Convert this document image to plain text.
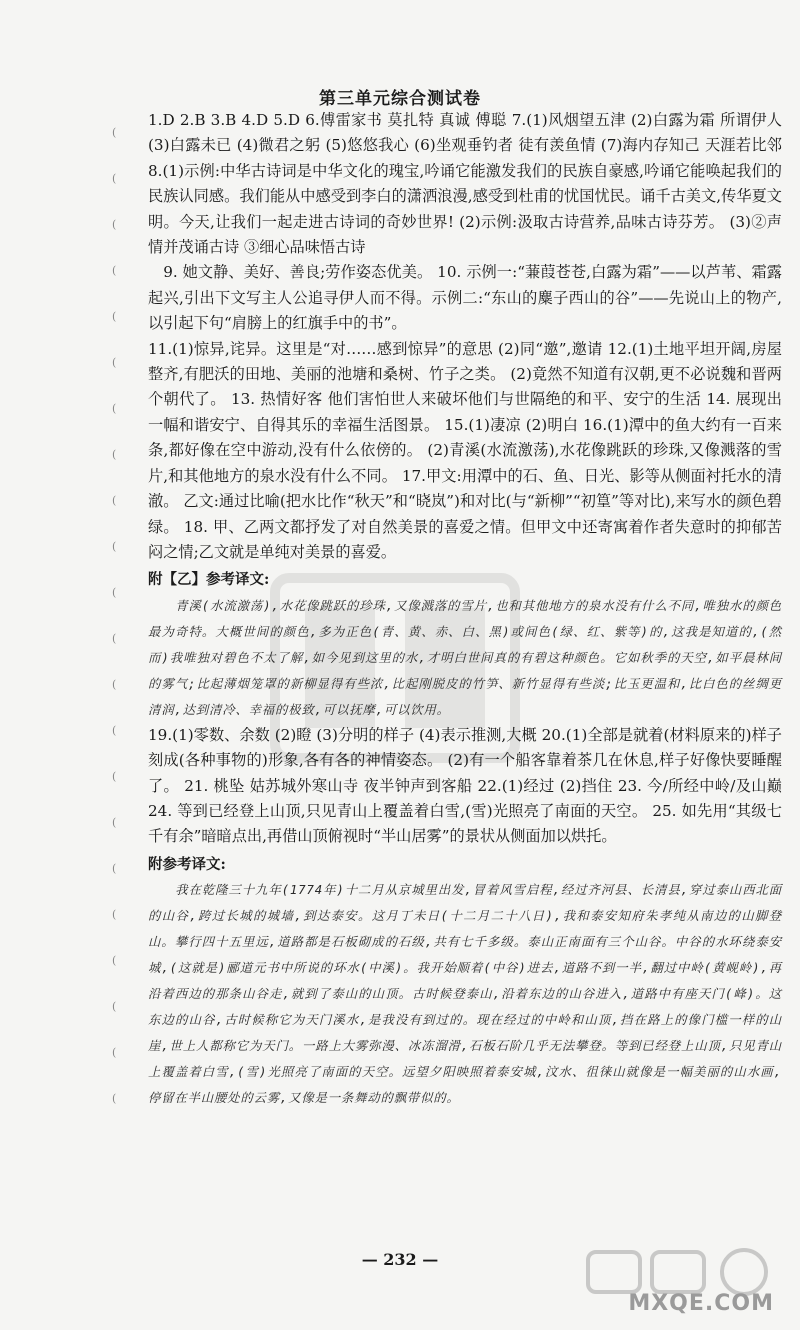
(
(
(
(
(
(
(
(
(
(
(
(
(
(
(
(
(
(
(
(
(
(
第三单元综合测试卷

1.D 2.B 3.B 4.D 5.D 6.傅雷家书 莫扎特 真诚 傅聪 7.(1)风烟望五津 (2)白露为霜 所谓伊人 (3)白露未已 (4)微君之躬 (5)悠悠我心 (6)坐观垂钓者 徒有羡鱼情 (7)海内存知己 天涯若比邻 8.(1)示例:中华古诗词是中华文化的瑰宝,吟诵它能激发我们的民族自豪感,吟诵它能唤起我们的民族认同感。我们能从中感受到李白的潇洒浪漫,感受到杜甫的忧国忧民。诵千古美文,传华夏文明。今天,让我们一起走进古诗词的奇妙世界! (2)示例:汲取古诗营养,品味古诗芬芳。 (3)②声情并茂诵古诗 ③细心品味悟古诗

9. 她文静、美好、善良;劳作姿态优美。 10. 示例一:“蒹葭苍苍,白露为霜”——以芦苇、霜露起兴,引出下文写主人公追寻伊人而不得。示例二:“东山的麋子西山的谷”——先说山上的物产,以引起下句“肩膀上的红旗手中的书”。

11.(1)惊异,诧异。这里是“对……感到惊异”的意思 (2)同“邀”,邀请 12.(1)土地平坦开阔,房屋整齐,有肥沃的田地、美丽的池塘和桑树、竹子之类。 (2)竟然不知道有汉朝,更不必说魏和晋两个朝代了。 13. 热情好客 他们害怕世人来破坏他们与世隔绝的和平、安宁的生活 14. 展现出一幅和谐安宁、自得其乐的幸福生活图景。 15.(1)凄凉 (2)明白 16.(1)潭中的鱼大约有一百来条,都好像在空中游动,没有什么依傍的。 (2)青溪(水流激荡),水花像跳跃的珍珠,又像溅落的雪片,和其他地方的泉水没有什么不同。 17.甲文:用潭中的石、鱼、日光、影等从侧面衬托水的清澈。 乙文:通过比喻(把水比作“秋天”和“晓岚”)和对比(与“新柳”“初篁”等对比),来写水的颜色碧绿。 18. 甲、乙两文都抒发了对自然美景的喜爱之情。但甲文中还寄寓着作者失意时的抑郁苦闷之情;乙文就是单纯对美景的喜爱。

附【乙】参考译文:

青溪(水流激荡),水花像跳跃的珍珠,又像溅落的雪片,也和其他地方的泉水没有什么不同,唯独水的颜色最为奇特。大概世间的颜色,多为正色(青、黄、赤、白、黑)或间色(绿、红、紫等)的,这我是知道的,(然而)我唯独对碧色不太了解,如今见到这里的水,才明白世间真的有碧这种颜色。它如秋季的天空,如平晨林间的雾气;比起薄烟笼罩的新柳显得有些浓,比起刚脱皮的竹笋、新竹显得有些淡;比玉更温和,比白色的丝绸更清润,达到清冷、幸福的极致,可以抚摩,可以饮用。

19.(1)零数、余数 (2)瞪 (3)分明的样子 (4)表示推测,大概 20.(1)全部是就着(材料原来的)样子刻成(各种事物的)形象,各有各的神情姿态。 (2)有一个船客靠着茶几在休息,样子好像快要睡醒了。 21. 桃坠 姑苏城外寒山寺 夜半钟声到客船 22.(1)经过 (2)挡住 23. 今/所经中岭/及山巅 24. 等到已经登上山顶,只见青山上覆盖着白雪,(雪)光照亮了南面的天空。 25. 如先用“其级七千有余”暗暗点出,再借山顶俯视时“半山居雾”的景状从侧面加以烘托。

附参考译文:

我在乾隆三十九年(1774年)十二月从京城里出发,冒着风雪启程,经过齐河县、长清县,穿过泰山西北面的山谷,跨过长城的城墙,到达泰安。这月丁未日(十二月二十八日),我和泰安知府朱孝纯从南边的山脚登山。攀行四十五里远,道路都是石板砌成的石级,共有七千多级。泰山正南面有三个山谷。中谷的水环绕泰安城,(这就是)郦道元书中所说的环水(中溪)。我开始顺着(中谷)进去,道路不到一半,翻过中岭(黄岘岭),再沿着西边的那条山谷走,就到了泰山的山顶。古时候登泰山,沿着东边的山谷进入,道路中有座天门(峰)。这东边的山谷,古时候称它为天门溪水,是我没有到过的。现在经过的中岭和山顶,挡在路上的像门槛一样的山崖,世上人都称它为天门。一路上大雾弥漫、冰冻溜滑,石板石阶几乎无法攀登。等到已经登上山顶,只见青山上覆盖着白雪,(雪)光照亮了南面的天空。远望夕阳映照着泰安城,汶水、徂徕山就像是一幅美丽的山水画,停留在半山腰处的云雾,又像是一条舞动的飘带似的。

— 232 —
MXQE.COM
